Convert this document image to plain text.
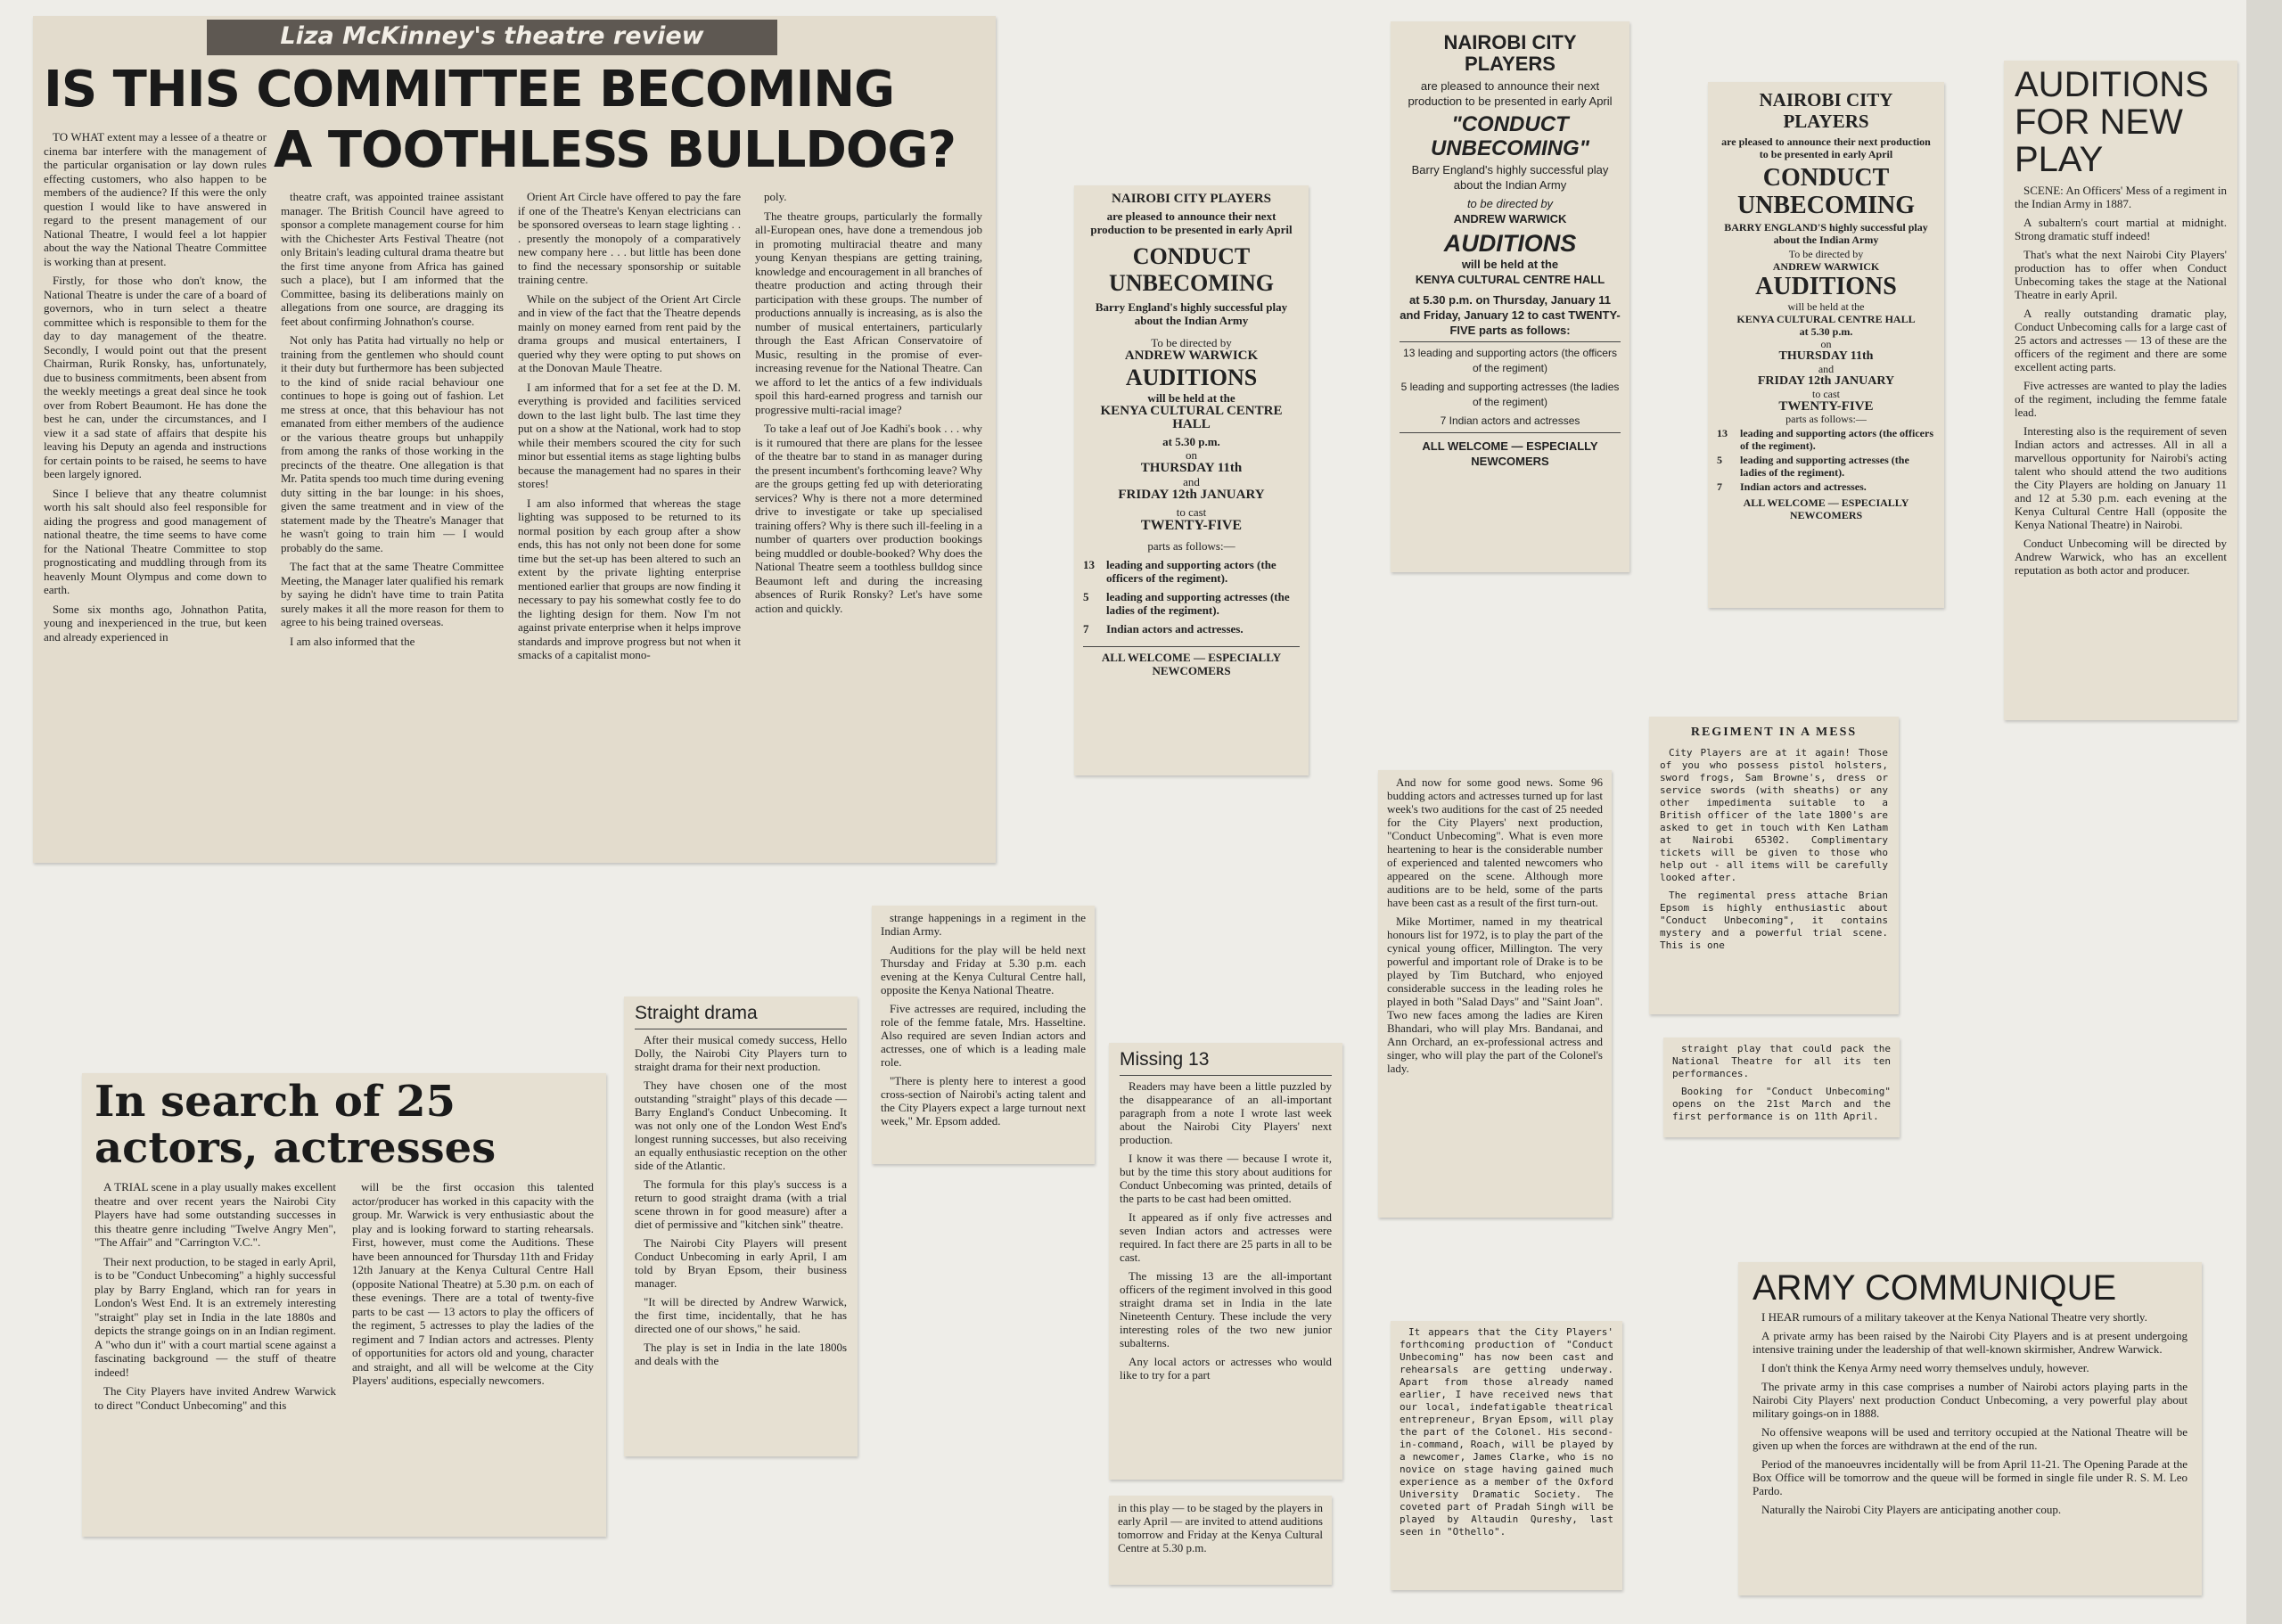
Liza McKinney's theatre review
IS THIS COMMITTEE BECOMING
A TOOTHLESS BULLDOG?

TO WHAT extent may a lessee of a theatre or cinema bar interfere with the management of the particular organisation or lay down rules effecting customers, who also happen to be members of the audience? If this were the only question I would like to have answered in regard to the present management of our National Theatre, I would feel a lot happier about the way the National Theatre Committee is working than at present.

Firstly, for those who don't know, the National Theatre is under the care of a board of governors, who in turn select a theatre committee which is responsible to them for the day to day management of the theatre. Secondly, I would point out that the present Chairman, Rurik Ronsky, has, unfortunately, due to business commitments, been absent from the weekly meetings a great deal since he took over from Robert Beaumont. He has done the best he can, under the circumstances, and I view it a sad state of affairs that despite his leaving his Deputy an agenda and instructions for certain points to be raised, he seems to have been largely ignored.

Since I believe that any theatre columnist worth his salt should also feel responsible for aiding the progress and good management of national theatre, the time seems to have come for the National Theatre Committee to stop prognosticating and muddling through from its heavenly Mount Olympus and come down to earth.

Some six months ago, Johnathon Patita, young and inexperienced in the true, but keen and already experienced in

theatre craft, was appointed trainee assistant manager. The British Council have agreed to sponsor a complete management course for him with the Chichester Arts Festival Theatre (not only Britain's leading cultural drama theatre but the first time anyone from Africa has gained such a place), but I am informed that the Committee, basing its deliberations mainly on allegations from one source, are dragging its feet about confirming Johnathon's course.

Not only has Patita had virtually no help or training from the gentlemen who should count it their duty but furthermore has been subjected to the kind of snide racial behaviour one continues to hope is going out of fashion. Let me stress at once, that this behaviour has not emanated from either members of the audience or the various theatre groups but unhappily from among the ranks of those working in the precincts of the theatre. One allegation is that Mr. Patita spends too much time during evening duty sitting in the bar lounge: in his shoes, given the same treatment and in view of the statement made by the Theatre's Manager that he wasn't going to train him — I would probably do the same.

The fact that at the same Theatre Committee Meeting, the Manager later qualified his remark by saying he didn't have time to train Patita surely makes it all the more reason for them to agree to his being trained overseas.

I am also informed that the

Orient Art Circle have offered to pay the fare if one of the Theatre's Kenyan electricians can be sponsored overseas to learn stage lighting . . . presently the monopoly of a comparatively new company here . . . but little has been done to find the necessary sponsorship or suitable training centre.

While on the subject of the Orient Art Circle and in view of the fact that the Theatre depends mainly on money earned from rent paid by the drama groups and musical entertainers, I queried why they were opting to put shows on at the Donovan Maule Theatre.

I am informed that for a set fee at the D. M. everything is provided and facilities serviced down to the last light bulb. The last time they put on a show at the National, work had to stop while their members scoured the city for such minor but essential items as stage lighting bulbs because the management had no spares in their stores!

I am also informed that whereas the stage lighting was supposed to be returned to its normal position by each group after a show ends, this has not only not been done for some time but the set-up has been altered to such an extent by the private lighting enterprise mentioned earlier that groups are now finding it necessary to pay his somewhat costly fee to do the lighting design for them. Now I'm not against private enterprise when it helps improve standards and improve progress but not when it smacks of a capitalist mono-

poly.

The theatre groups, particularly the formally all-European ones, have done a tremendous job in promoting multiracial theatre and many young Kenyan thespians are getting training, knowledge and encouragement in all branches of theatre production and acting through their participation with these groups. The number of productions annually is increasing, as is also the number of musical entertainers, particularly through the East African Conservatoire of Music, resulting in the promise of ever-increasing revenue for the National Theatre. Can we afford to let the antics of a few individuals spoil this hard-earned progress and tarnish our progressive multi-racial image?

To take a leaf out of Joe Kadhi's book . . . why is it rumoured that there are plans for the lessee of the theatre bar to stand in as manager during the present incumbent's forthcoming leave? Why are the groups getting fed up with deteriorating services? Why is there not a more determined drive to investigate or take up specialised training offers? Why is there such ill-feeling in a number of quarters over production bookings being muddled or double-booked? Why does the National Theatre seem a toothless bulldog since Beaumont left and during the increasing absences of Rurik Ronsky? Let's have some action and quickly.

NAIROBI CITY PLAYERS
are pleased to announce their next production to be presented in early April
CONDUCT UNBECOMING
Barry England's highly successful play about the Indian Army
To be directed by
ANDREW WARWICK
AUDITIONS
will be held at the
KENYA CULTURAL CENTRE HALL
at 5.30 p.m.
on
THURSDAY 11th
and
FRIDAY 12th JANUARY
to cast
TWENTY-FIVE
parts as follows:—
13	leading and supporting actors (the officers of the regiment).
5	leading and supporting actresses (the ladies of the regiment).
7	Indian actors and actresses.
ALL WELCOME — ESPECIALLY NEWCOMERS
NAIROBI CITY PLAYERS
are pleased to announce their next production to be presented in early April
"CONDUCT UNBECOMING"
Barry England's highly successful play about the Indian Army
to be directed by
ANDREW WARWICK
AUDITIONS
will be held at the
KENYA CULTURAL CENTRE HALL
at 5.30 p.m. on Thursday, January 11 and Friday, January 12 to cast TWENTY-FIVE parts as follows:
13 leading and supporting actors (the officers of the regiment)
5 leading and supporting actresses (the ladies of the regiment)
7 Indian actors and actresses
ALL WELCOME — ESPECIALLY NEWCOMERS
NAIROBI CITY PLAYERS
are pleased to announce their next production to be presented in early April
CONDUCT UNBECOMING
BARRY ENGLAND'S highly successful play about the Indian Army
To be directed by
ANDREW WARWICK
AUDITIONS
will be held at the
KENYA CULTURAL CENTRE HALL
at 5.30 p.m.
on
THURSDAY 11th
and
FRIDAY 12th JANUARY
to cast
TWENTY-FIVE
parts as follows:—
13	leading and supporting actors (the officers of the regiment).
5	leading and supporting actresses (the ladies of the regiment).
7	Indian actors and actresses.
ALL WELCOME — ESPECIALLY NEWCOMERS
AUDITIONS FOR NEW PLAY

SCENE: An Officers' Mess of a regiment in the Indian Army in 1887.

A subaltern's court martial at midnight. Strong dramatic stuff indeed!

That's what the next Nairobi City Players' production has to offer when Conduct Unbecoming takes the stage at the National Theatre in early April.

A really outstanding dramatic play, Conduct Unbecoming calls for a large cast of 25 actors and actresses — 13 of these are the officers of the regiment and there are some excellent acting parts.

Five actresses are wanted to play the ladies of the regiment, including the femme fatale lead.

Interesting also is the requirement of seven Indian actors and actresses. All in all a marvellous opportunity for Nairobi's acting talent who should attend the two auditions the City Players are holding on January 11 and 12 at 5.30 p.m. each evening at the Kenya Cultural Centre Hall (opposite the Kenya National Theatre) in Nairobi.

Conduct Unbecoming will be directed by Andrew Warwick, who has an excellent reputation as both actor and producer.

In search of 25 actors, actresses

A TRIAL scene in a play usually makes excellent theatre and over recent years the Nairobi City Players have had some outstanding successes in this theatre genre including "Twelve Angry Men", "The Affair" and "Carrington V.C.".

Their next production, to be staged in early April, is to be "Conduct Unbecoming" a highly successful play by Barry England, which ran for years in London's West End. It is an extremely interesting "straight" play set in India in the late 1880s and depicts the strange goings on in an Indian regiment. A "who dun it" with a court martial scene against a fascinating background — the stuff of theatre indeed!

The City Players have invited Andrew Warwick to direct "Conduct Unbecoming" and this

will be the first occasion this talented actor/producer has worked in this capacity with the group. Mr. Warwick is very enthusiastic about the play and is looking forward to starting rehearsals. First, however, must come the Auditions. These have been announced for Thursday 11th and Friday 12th January at the Kenya Cultural Centre Hall (opposite National Theatre) at 5.30 p.m. on each of these evenings. There are a total of twenty-five parts to be cast — 13 actors to play the officers of the regiment, 5 actresses to play the ladies of the regiment and 7 Indian actors and actresses. Plenty of opportunities for actors old and young, character and straight, and all will be welcome at the City Players' auditions, especially newcomers.

Straight drama

After their musical comedy success, Hello Dolly, the Nairobi City Players turn to straight drama for their next production.

They have chosen one of the most outstanding "straight" plays of this decade — Barry England's Conduct Unbecoming. It was not only one of the London West End's longest running successes, but also receiving an equally enthusiastic reception on the other side of the Atlantic.

The formula for this play's success is a return to good straight drama (with a trial scene thrown in for good measure) after a diet of permissive and "kitchen sink" theatre.

The Nairobi City Players will present Conduct Unbecoming in early April, I am told by Bryan Epsom, their business manager.

"It will be directed by Andrew Warwick, the first time, incidentally, that he has directed one of our shows," he said.

The play is set in India in the late 1800s and deals with the

strange happenings in a regiment in the Indian Army.

Auditions for the play will be held next Thursday and Friday at 5.30 p.m. each evening at the Kenya Cultural Centre hall, opposite the Kenya National Theatre.

Five actresses are required, including the role of the femme fatale, Mrs. Hasseltine. Also required are seven Indian actors and actresses, one of which is a leading male role.

"There is plenty here to interest a good cross-section of Nairobi's acting talent and the City Players expect a large turnout next week," Mr. Epsom added.

Missing 13

Readers may have been a little puzzled by the disappearance of an all-important paragraph from a note I wrote last week about the Nairobi City Players' next production.

I know it was there — because I wrote it, but by the time this story about auditions for Conduct Unbecoming was printed, details of the parts to be cast had been omitted.

It appeared as if only five actresses and seven Indian actors and actresses were required. In fact there are 25 parts in all to be cast.

The missing 13 are the all-important officers of the regiment involved in this good straight drama set in India in the late Nineteenth Century. These include the very interesting roles of the two new junior subalterns.

Any local actors or actresses who would like to try for a part

in this play — to be staged by the players in early April — are invited to attend auditions tomorrow and Friday at the Kenya Cultural Centre at 5.30 p.m.

And now for some good news. Some 96 budding actors and actresses turned up for last week's two auditions for the cast of 25 needed for the City Players' next production, "Conduct Unbecoming". What is even more heartening to hear is the considerable number of experienced and talented newcomers who appeared on the scene. Although more auditions are to be held, some of the parts have been cast as a result of the first turn-out.

Mike Mortimer, named in my theatrical honours list for 1972, is to play the part of the cynical young officer, Millington. The very powerful and important role of Drake is to be played by Tim Butchard, who enjoyed considerable success in the leading roles he played in both "Salad Days" and "Saint Joan". Two new faces among the ladies are Kiren Bhandari, who will play Mrs. Bandanai, and Ann Orchard, an ex-professional actress and singer, who will play the part of the Colonel's lady.

It appears that the City Players' forthcoming production of "Conduct Unbecoming" has now been cast and rehearsals are getting underway. Apart from those already named earlier, I have received news that our local, indefatigable theatrical entrepreneur, Bryan Epsom, will play the part of the Colonel. His second-in-command, Roach, will be played by a newcomer, James Clarke, who is no novice on stage having gained much experience as a member of the Oxford University Dramatic Society. The coveted part of Pradah Singh will be played by Altaudin Qureshy, last seen in "Othello".

REGIMENT IN A MESS

City Players are at it again! Those of you who possess pistol holsters, sword frogs, Sam Browne's, dress or service swords (with sheaths) or any other impedimenta suitable to a British officer of the late 1800's are asked to get in touch with Ken Latham at Nairobi 65302. Complimentary tickets will be given to those who help out - all items will be carefully looked after.

The regimental press attache Brian Epsom is highly enthusiastic about "Conduct Unbecoming", it contains mystery and a powerful trial scene. This is one

straight play that could pack the National Theatre for all its ten performances.

Booking for "Conduct Unbecoming" opens on the 21st March and the first performance is on 11th April.

ARMY COMMUNIQUE

I HEAR rumours of a military takeover at the Kenya National Theatre very shortly.

A private army has been raised by the Nairobi City Players and is at present undergoing intensive training under the leadership of that well-known skirmisher, Andrew Warwick.

I don't think the Kenya Army need worry themselves unduly, however.

The private army in this case comprises a number of Nairobi actors playing parts in the Nairobi City Players' next production Conduct Unbecoming, a very powerful play about military goings-on in 1888.

No offensive weapons will be used and territory occupied at the National Theatre will be given up when the forces are withdrawn at the end of the run.

Period of the manoeuvres incidentally will be from April 11-21. The Opening Parade at the Box Office will be tomorrow and the queue will be formed in single file under R. S. M. Leo Pardo.

Naturally the Nairobi City Players are anticipating another coup.
